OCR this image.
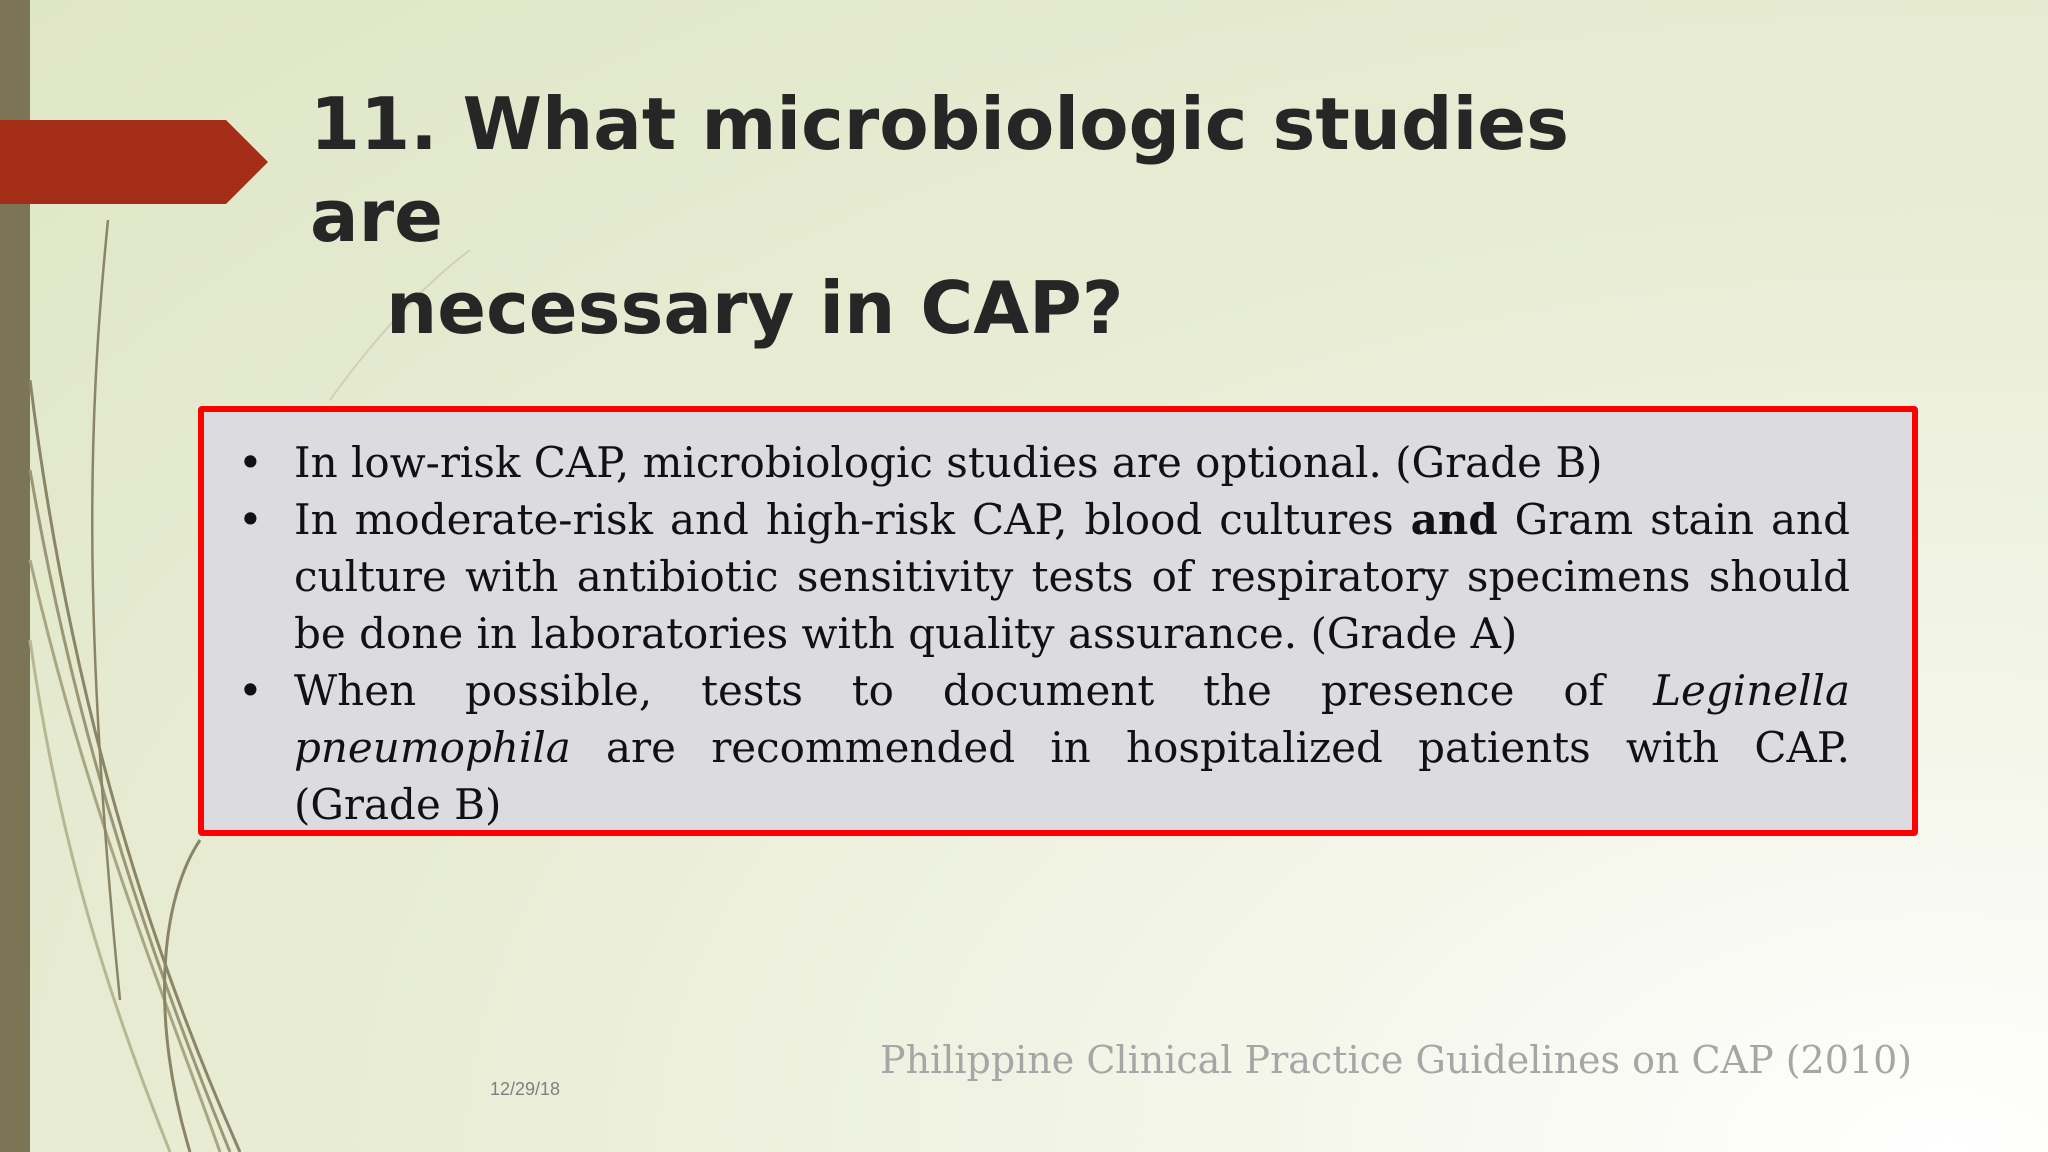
11. What microbiologic studies are
necessary in CAP?
• In low-risk CAP, microbiologic studies are optional. (Grade B)
• In moderate-risk and high-risk CAP, blood cultures and Gram stain and culture with antibiotic sensitivity tests of respiratory specimens should be done in laboratories with quality assurance. (Grade A)
• When possible, tests to document the presence of Leginella pneumophila are recommended in hospitalized patients with CAP. (Grade B)
Philippine Clinical Practice Guidelines on CAP (2010)
12/29/18
